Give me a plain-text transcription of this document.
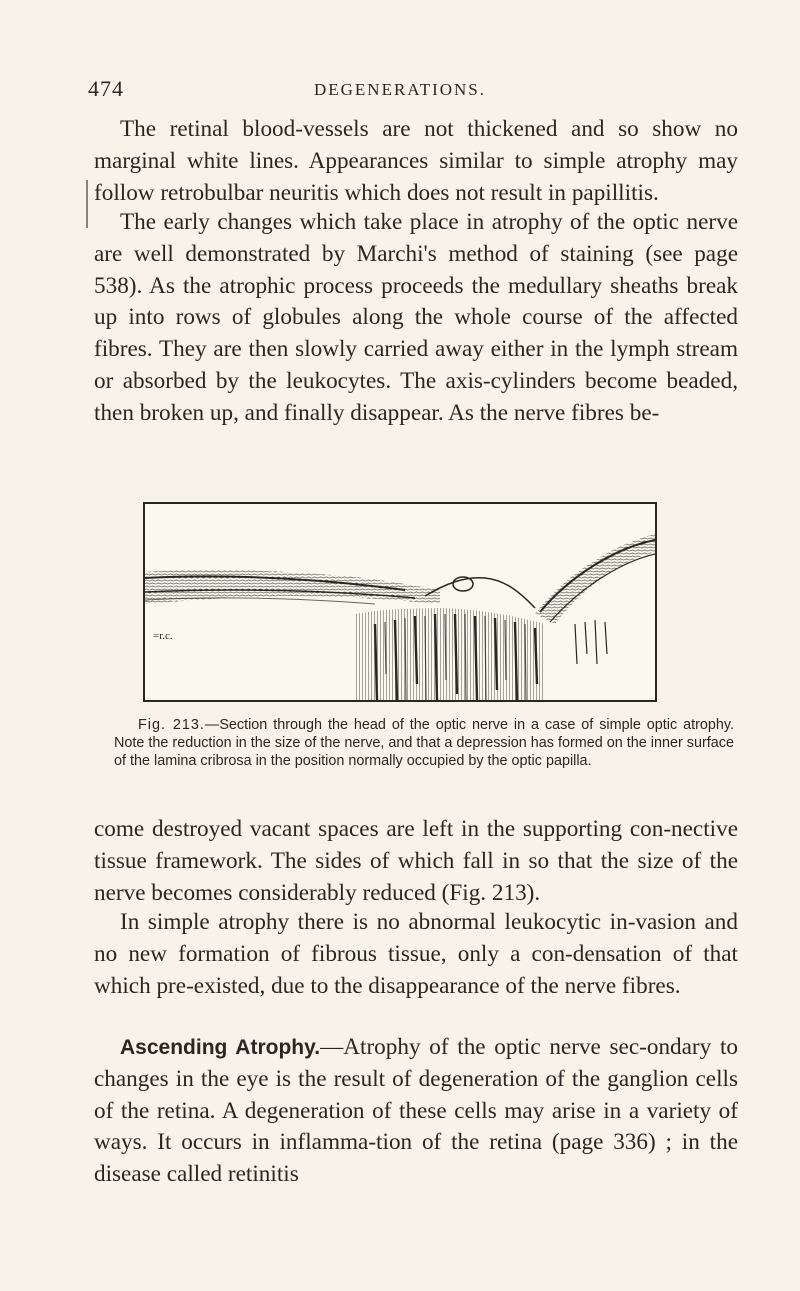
474	DEGENERATIONS.

The retinal blood-vessels are not thickened and so show no marginal white lines. Appearances similar to simple atrophy may follow retrobulbar neuritis which does not result in papillitis.

The early changes which take place in atrophy of the optic nerve are well demonstrated by Marchi's method of staining (see page 538). As the atrophic process proceeds the medullary sheaths break up into rows of globules along the whole course of the affected fibres. They are then slowly carried away either in the lymph stream or absorbed by the leukocytes. The axis-cylinders become beaded, then broken up, and finally disappear. As the nerve fibres be-

=r.c.

Fig. 213.—Section through the head of the optic nerve in a case of simple optic atrophy. Note the reduction in the size of the nerve, and that a depression has formed on the inner surface of the lamina cribrosa in the position normally occupied by the optic papilla.

come destroyed vacant spaces are left in the supporting con-nective tissue framework. The sides of which fall in so that the size of the nerve becomes considerably reduced (Fig. 213).

In simple atrophy there is no abnormal leukocytic in-vasion and no new formation of fibrous tissue, only a con-densation of that which pre-existed, due to the disappearance of the nerve fibres.

Ascending Atrophy.—Atrophy of the optic nerve sec-ondary to changes in the eye is the result of degeneration of the ganglion cells of the retina. A degeneration of these cells may arise in a variety of ways. It occurs in inflamma-tion of the retina (page 336) ; in the disease called retinitis
